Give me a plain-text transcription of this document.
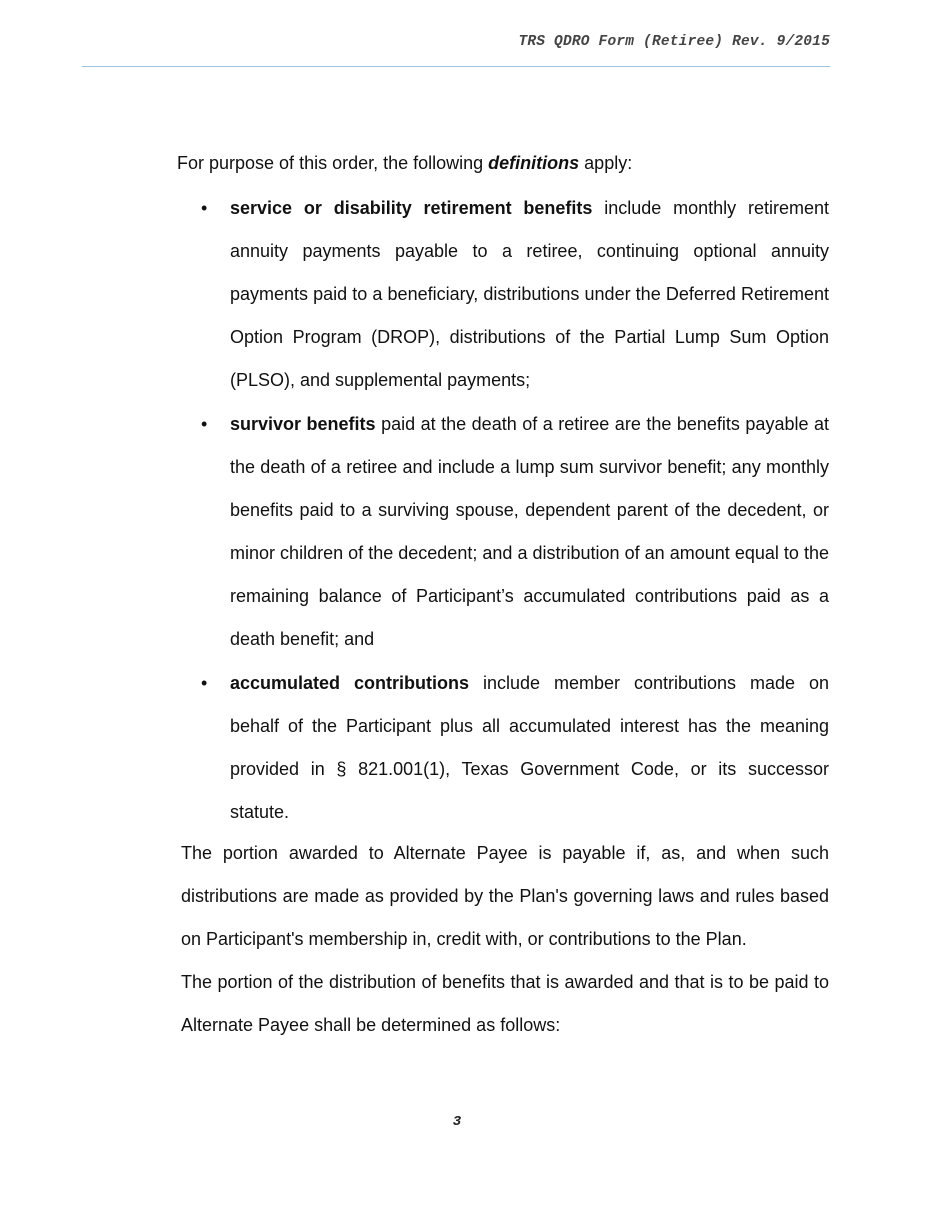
TRS QDRO Form (Retiree) Rev. 9/2015

For purpose of this order, the following definitions apply:

• service or disability retirement benefits include monthly retirement annuity payments payable to a retiree, continuing optional annuity payments paid to a beneficiary, distributions under the Deferred Retirement Option Program (DROP), distributions of the Partial Lump Sum Option (PLSO), and supplemental payments;

• survivor benefits paid at the death of a retiree are the benefits payable at the death of a retiree and include a lump sum survivor benefit; any monthly benefits paid to a surviving spouse, dependent parent of the decedent, or minor children of the decedent; and a distribution of an amount equal to the remaining balance of Participant’s accumulated contributions paid as a death benefit; and

• accumulated contributions include member contributions made on behalf of the Participant plus all accumulated interest has the meaning provided in § 821.001(1), Texas Government Code, or its successor statute.

The portion awarded to Alternate Payee is payable if, as, and when such distributions are made as provided by the Plan's governing laws and rules based on Participant's membership in, credit with, or contributions to the Plan.

The portion of the distribution of benefits that is awarded and that is to be paid to Alternate Payee shall be determined as follows:

3
